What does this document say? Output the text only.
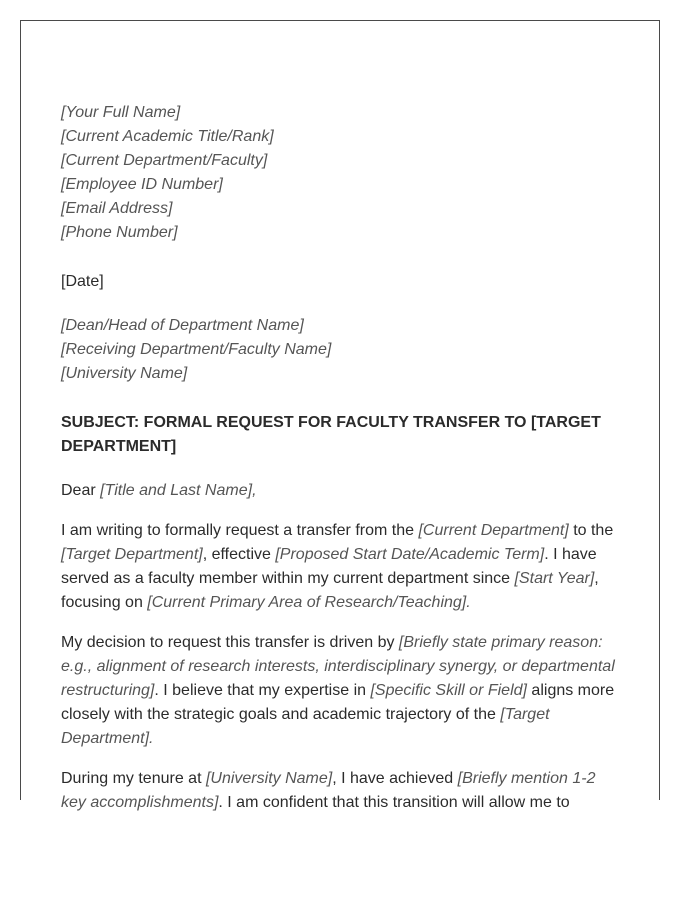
[Your Full Name]
[Current Academic Title/Rank]
[Current Department/Faculty]
[Employee ID Number]
[Email Address]
[Phone Number]
[Date]
[Dean/Head of Department Name]
[Receiving Department/Faculty Name]
[University Name]
SUBJECT: FORMAL REQUEST FOR FACULTY TRANSFER TO [TARGET DEPARTMENT]
Dear [Title and Last Name],

I am writing to formally request a transfer from the [Current Department] to the [Target Department], effective [Proposed Start Date/Academic Term]. I have served as a faculty member within my current department since [Start Year], focusing on [Current Primary Area of Research/Teaching].

My decision to request this transfer is driven by [Briefly state primary reason: e.g., alignment of research interests, interdisciplinary synergy, or departmental restructuring]. I believe that my expertise in [Specific Skill or Field] aligns more closely with the strategic goals and academic trajectory of the [Target Department].

During my tenure at [University Name], I have achieved [Briefly mention 1-2 key accomplishments]. I am confident that this transition will allow me to
